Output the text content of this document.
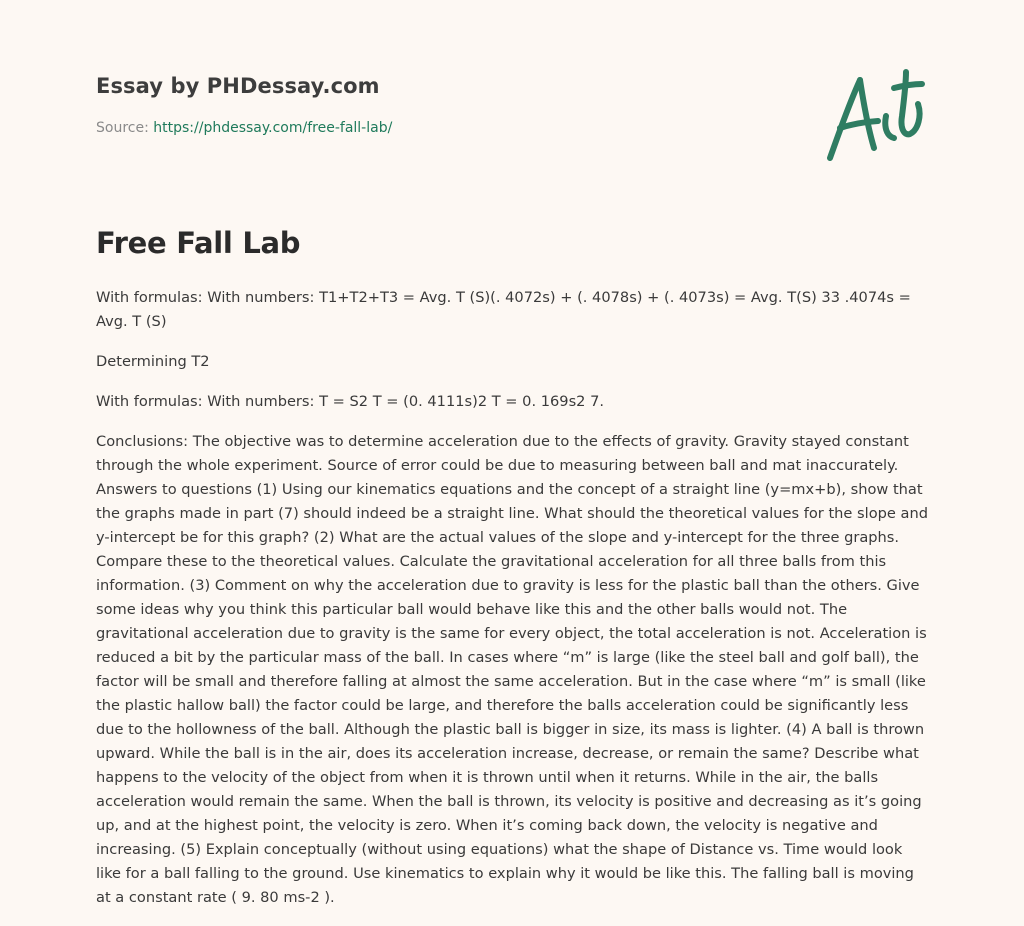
Essay by PHDessay.com
Source: https://phdessay.com/free-fall-lab/
Free Fall Lab

With formulas: With numbers: T1+T2+T3 = Avg. T (S)(. 4072s) + (. 4078s) + (. 4073s) = Avg. T(S) 33 .4074s = Avg. T (S)

Determining T2

With formulas: With numbers: T = S2 T = (0. 4111s)2 T = 0. 169s2 7.

Conclusions: The objective was to determine acceleration due to the effects of gravity. Gravity stayed constant through the whole experiment. Source of error could be due to measuring between ball and mat inaccurately. Answers to questions (1) Using our kinematics equations and the concept of a straight line (y=mx+b), show that the graphs made in part (7) should indeed be a straight line. What should the theoretical values for the slope and y-intercept be for this graph? (2) What are the actual values of the slope and y-intercept for the three graphs. Compare these to the theoretical values. Calculate the gravitational acceleration for all three balls from this information. (3) Comment on why the acceleration due to gravity is less for the plastic ball than the others. Give some ideas why you think this particular ball would behave like this and the other balls would not. The gravitational acceleration due to gravity is the same for every object, the total acceleration is not. Acceleration is reduced a bit by the particular mass of the ball. In cases where “m” is large (like the steel ball and golf ball), the factor will be small and therefore falling at almost the same acceleration. But in the case where “m” is small (like the plastic hallow ball) the factor could be large, and therefore the balls acceleration could be significantly less due to the hollowness of the ball. Although the plastic ball is bigger in size, its mass is lighter. (4) A ball is thrown upward. While the ball is in the air, does its acceleration increase, decrease, or remain the same? Describe what happens to the velocity of the object from when it is thrown until when it returns. While in the air, the balls acceleration would remain the same. When the ball is thrown, its velocity is positive and decreasing as it’s going up, and at the highest point, the velocity is zero. When it’s coming back down, the velocity is negative and increasing. (5) Explain conceptually (without using equations) what the shape of Distance vs. Time would look like for a ball falling to the ground. Use kinematics to explain why it would be like this. The falling ball is moving at a constant rate ( 9. 80 ms-2 ).
